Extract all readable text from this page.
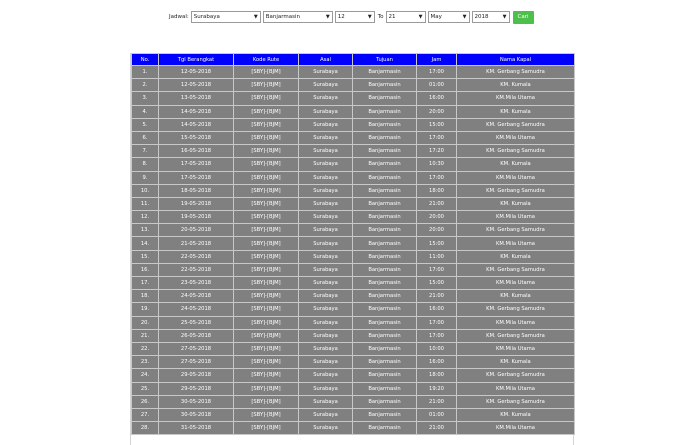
Jadwal: Surabaya	▼ Banjarmasin	▼ 12	▼ To 21	▼ May	▼ 2018	▼	Cari
No.	Tgl Berangkat	Kode Rute	Asal	Tujuan	Jam	Nama Kapal
1.	12-05-2018	[SBY]-[BJM]	Surabaya	Banjarmasin	17:00	KM. Gerbang Samudra
2.	12-05-2018	[SBY]-[BJM]	Surabaya	Banjarmasin	01:00	KM. Kumala
3.	13-05-2018	[SBY]-[BJM]	Surabaya	Banjarmasin	16:00	KM.Mila Utama
4.	14-05-2018	[SBY]-[BJM]	Surabaya	Banjarmasin	20:00	KM. Kumala
5.	14-05-2018	[SBY]-[BJM]	Surabaya	Banjarmasin	15:00	KM. Gerbang Samudra
6.	15-05-2018	[SBY]-[BJM]	Surabaya	Banjarmasin	17:00	KM.Mila Utama
7.	16-05-2018	[SBY]-[BJM]	Surabaya	Banjarmasin	17:20	KM. Gerbang Samudra
8.	17-05-2018	[SBY]-[BJM]	Surabaya	Banjarmasin	10:30	KM. Kumala
9.	17-05-2018	[SBY]-[BJM]	Surabaya	Banjarmasin	17:00	KM.Mila Utama
10.	18-05-2018	[SBY]-[BJM]	Surabaya	Banjarmasin	18:00	KM. Gerbang Samudra
11.	19-05-2018	[SBY]-[BJM]	Surabaya	Banjarmasin	21:00	KM. Kumala
12.	19-05-2018	[SBY]-[BJM]	Surabaya	Banjarmasin	20:00	KM.Mila Utama
13.	20-05-2018	[SBY]-[BJM]	Surabaya	Banjarmasin	20:00	KM. Gerbang Samudra
14.	21-05-2018	[SBY]-[BJM]	Surabaya	Banjarmasin	15:00	KM.Mila Utama
15.	22-05-2018	[SBY]-[BJM]	Surabaya	Banjarmasin	11:00	KM. Kumala
16.	22-05-2018	[SBY]-[BJM]	Surabaya	Banjarmasin	17:00	KM. Gerbang Samudra
17.	23-05-2018	[SBY]-[BJM]	Surabaya	Banjarmasin	15:00	KM.Mila Utama
18.	24-05-2018	[SBY]-[BJM]	Surabaya	Banjarmasin	21:00	KM. Kumala
19.	24-05-2018	[SBY]-[BJM]	Surabaya	Banjarmasin	16:00	KM. Gerbang Samudra
20.	25-05-2018	[SBY]-[BJM]	Surabaya	Banjarmasin	17:00	KM.Mila Utama
21.	26-05-2018	[SBY]-[BJM]	Surabaya	Banjarmasin	17:00	KM. Gerbang Samudra
22.	27-05-2018	[SBY]-[BJM]	Surabaya	Banjarmasin	10:00	KM.Mila Utama
23.	27-05-2018	[SBY]-[BJM]	Surabaya	Banjarmasin	16:00	KM. Kumala
24.	29-05-2018	[SBY]-[BJM]	Surabaya	Banjarmasin	18:00	KM. Gerbang Samudra
25.	29-05-2018	[SBY]-[BJM]	Surabaya	Banjarmasin	19:20	KM.Mila Utama
26.	30-05-2018	[SBY]-[BJM]	Surabaya	Banjarmasin	21:00	KM. Gerbang Samudra
27.	30-05-2018	[SBY]-[BJM]	Surabaya	Banjarmasin	01:00	KM. Kumala
28.	31-05-2018	[SBY]-[BJM]	Surabaya	Banjarmasin	21:00	KM.Mila Utama
